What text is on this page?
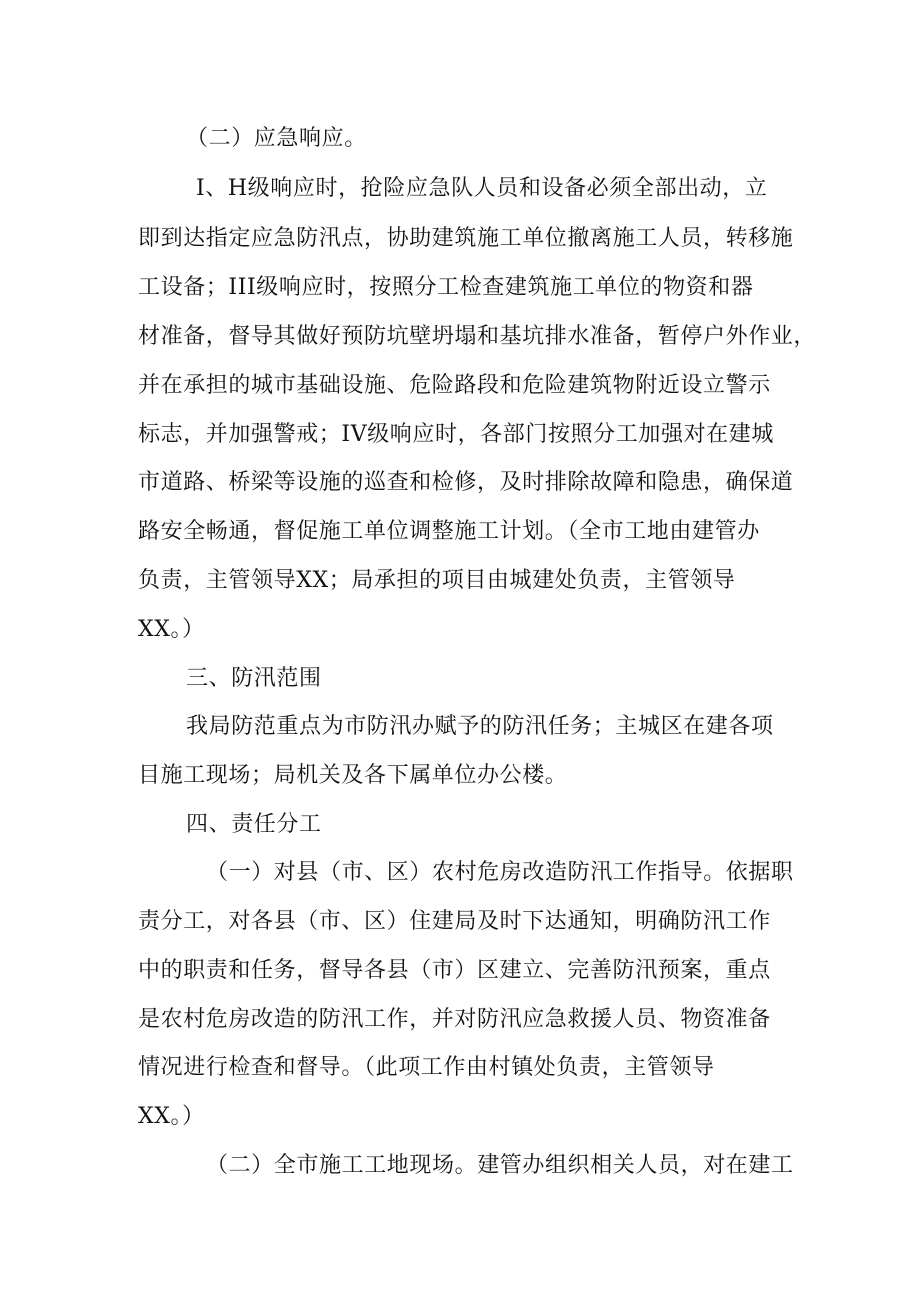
（二）应急响应。

I、H级响应时，抢险应急队人员和设备必须全部出动，立

即到达指定应急防汛点，协助建筑施工单位撤离施工人员，转移施

工设备；III级响应时，按照分工检查建筑施工单位的物资和器

材准备，督导其做好预防坑壁坍塌和基坑排水准备，暂停户外作业，

并在承担的城市基础设施、危险路段和危险建筑物附近设立警示

标志，并加强警戒；IV级响应时，各部门按照分工加强对在建城

市道路、桥梁等设施的巡查和检修，及时排除故障和隐患，确保道

路安全畅通，督促施工单位调整施工计划。（全市工地由建管办

负责，主管领导XX；局承担的项目由城建处负责，主管领导

XX。）

三、防汛范围

我局防范重点为市防汛办赋予的防汛任务；主城区在建各项

目施工现场；局机关及各下属单位办公楼。

四、责任分工

（一）对县（市、区）农村危房改造防汛工作指导。依据职

责分工，对各县（市、区）住建局及时下达通知，明确防汛工作

中的职责和任务，督导各县（市）区建立、完善防汛预案，重点

是农村危房改造的防汛工作，并对防汛应急救援人员、物资准备

情况进行检查和督导。（此项工作由村镇处负责，主管领导

XX。）

（二）全市施工工地现场。建管办组织相关人员，对在建工
